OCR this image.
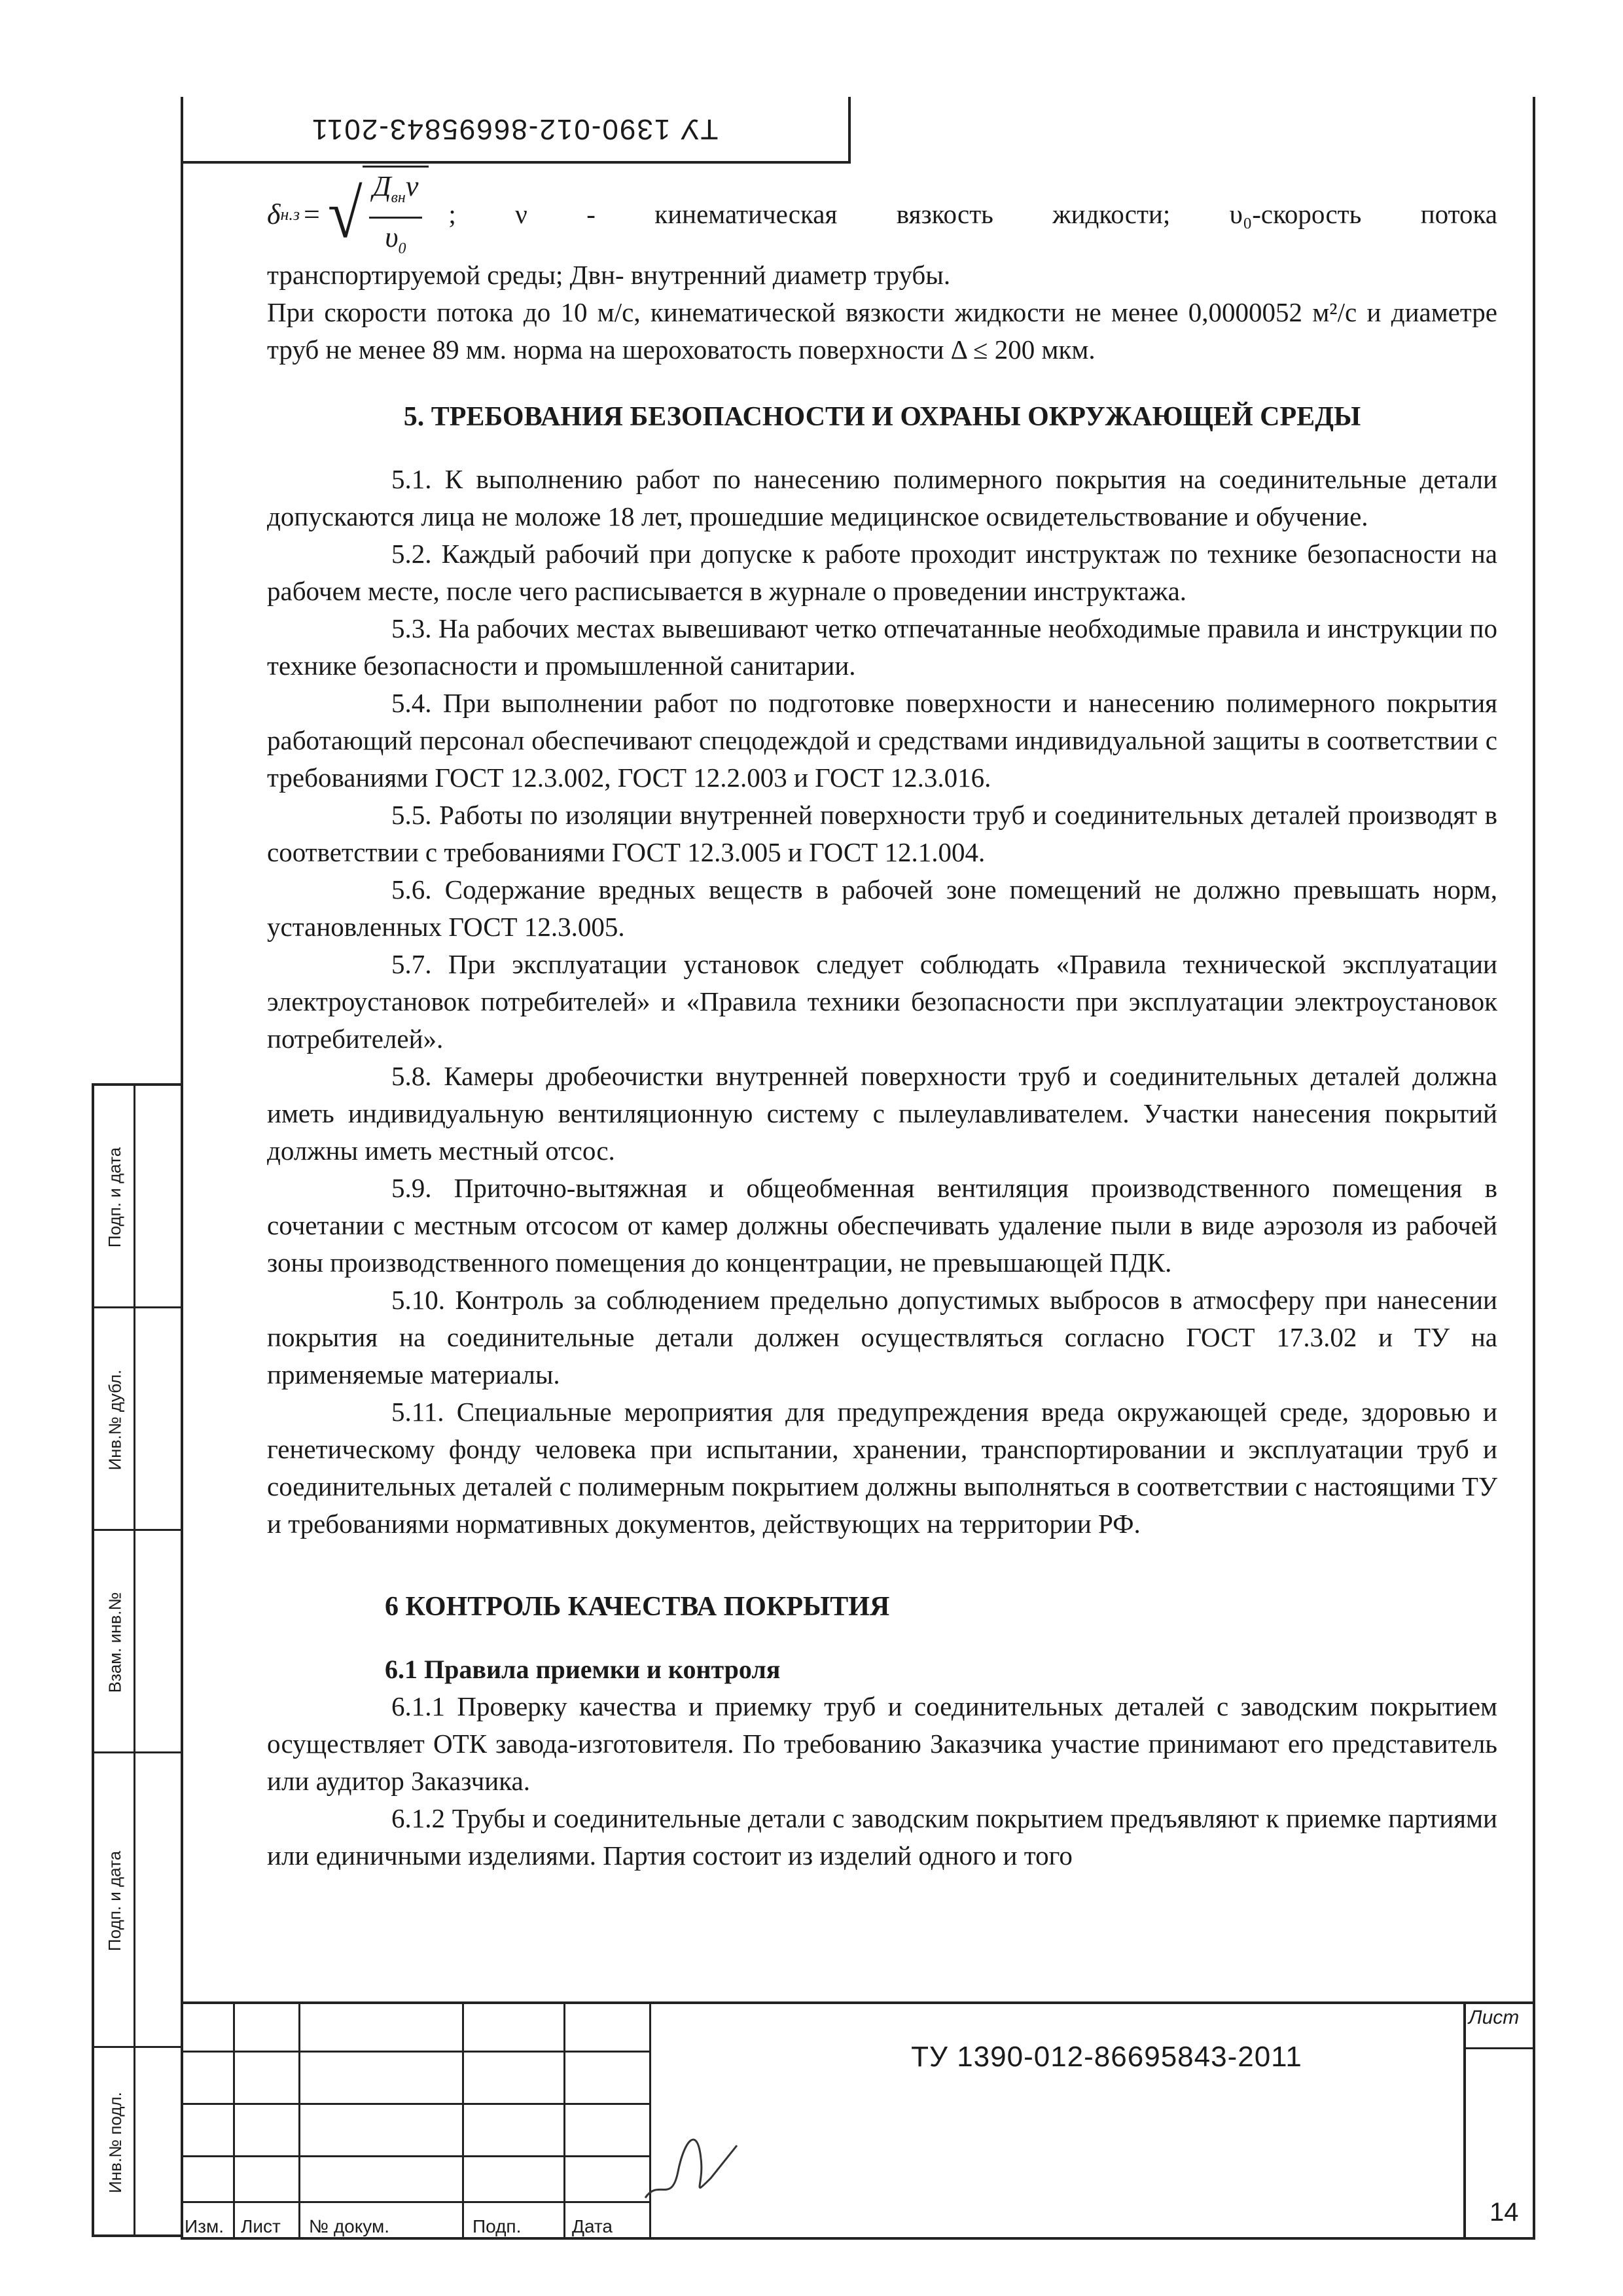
ТУ 1390-012-86695843-2011
Подп. и дата
Инв.№ дубл.
Взам. инв.№
Подп. и дата
Инв.№ подл.
δ н.з = √ $\frac{Д_{вн}\nu}{\upsilon_0}$ ; ν - кинематическая вязкость жидкости; υ₀-скорость потока

транспортируемой среды; Двн- внутренний диаметр трубы.

При скорости потока до 10 м/с, кинематической вязкости жидкости не менее 0,0000052 м²/с и диаметре труб не менее 89 мм. норма на шероховатость поверхности Δ ≤ 200 мкм.

5. ТРЕБОВАНИЯ БЕЗОПАСНОСТИ И ОХРАНЫ ОКРУЖАЮЩЕЙ СРЕДЫ

5.1. К выполнению работ по нанесению полимерного покрытия на соединительные детали допускаются лица не моложе 18 лет, прошедшие медицинское освидетельствование и обучение.

5.2. Каждый рабочий при допуске к работе проходит инструктаж по технике безопасности на рабочем месте, после чего расписывается в журнале о проведении инструктажа.

5.3. На рабочих местах вывешивают четко отпечатанные необходимые правила и инструкции по технике безопасности и промышленной санитарии.

5.4. При выполнении работ по подготовке поверхности и нанесению полимерного покрытия работающий персонал обеспечивают спецодеждой и средствами индивидуальной защиты в соответствии с требованиями ГОСТ 12.3.002, ГОСТ 12.2.003 и ГОСТ 12.3.016.

5.5. Работы по изоляции внутренней поверхности труб и соединительных деталей производят в соответствии с требованиями ГОСТ 12.3.005 и ГОСТ 12.1.004.

5.6. Содержание вредных веществ в рабочей зоне помещений не должно превышать норм, установленных ГОСТ 12.3.005.

5.7. При эксплуатации установок следует соблюдать «Правила технической эксплуатации электроустановок потребителей» и «Правила техники безопасности при эксплуатации электроустановок потребителей».

5.8. Камеры дробеочистки внутренней поверхности труб и соединительных деталей должна иметь индивидуальную вентиляционную систему с пылеулавливателем. Участки нанесения покрытий должны иметь местный отсос.

5.9. Приточно-вытяжная и общеобменная вентиляция производственного помещения в сочетании с местным отсосом от камер должны обеспечивать удаление пыли в виде аэрозоля из рабочей зоны производственного помещения до концентрации, не превышающей ПДК.

5.10. Контроль за соблюдением предельно допустимых выбросов в атмосферу при нанесении покрытия на соединительные детали должен осуществляться согласно ГОСТ 17.3.02 и ТУ на применяемые материалы.

5.11. Специальные мероприятия для предупреждения вреда окружающей среде, здоровью и генетическому фонду человека при испытании, хранении, транспортировании и эксплуатации труб и соединительных деталей с полимерным покрытием должны выполняться в соответствии с настоящими ТУ и требованиями нормативных документов, действующих на территории РФ.

6 КОНТРОЛЬ КАЧЕСТВА ПОКРЫТИЯ
6.1 Правила приемки и контроля

6.1.1 Проверку качества и приемку труб и соединительных деталей с заводским покрытием осуществляет ОТК завода-изготовителя. По требованию Заказчика участие принимают его представитель или аудитор Заказчика.

6.1.2 Трубы и соединительные детали с заводским покрытием предъявляют к приемке партиями или единичными изделиями. Партия состоит из изделий одного и того

Изм. Лист № докум.	Подп.	Дата
ТУ 1390-012-86695843-2011
Лист
14
